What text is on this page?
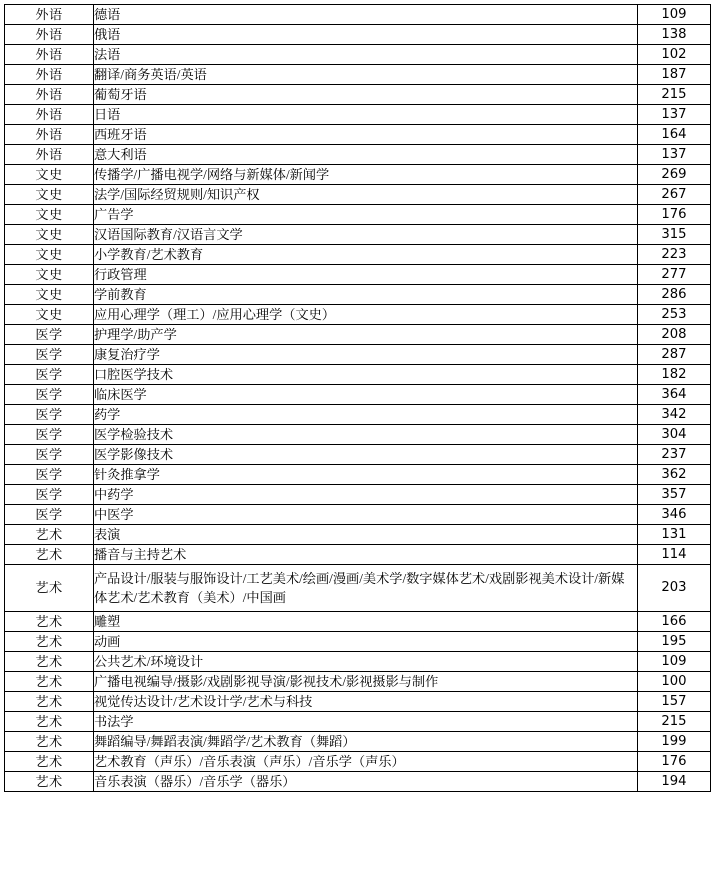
外语	德语	109
外语	俄语	138
外语	法语	102
外语	翻译/商务英语/英语	187
外语	葡萄牙语	215
外语	日语	137
外语	西班牙语	164
外语	意大利语	137
文史	传播学/广播电视学/网络与新媒体/新闻学	269
文史	法学/国际经贸规则/知识产权	267
文史	广告学	176
文史	汉语国际教育/汉语言文学	315
文史	小学教育/艺术教育	223
文史	行政管理	277
文史	学前教育	286
文史	应用心理学（理工）/应用心理学（文史）	253
医学	护理学/助产学	208
医学	康复治疗学	287
医学	口腔医学技术	182
医学	临床医学	364
医学	药学	342
医学	医学检验技术	304
医学	医学影像技术	237
医学	针灸推拿学	362
医学	中药学	357
医学	中医学	346
艺术	表演	131
艺术	播音与主持艺术	114
艺术	产品设计/服装与服饰设计/工艺美术/绘画/漫画/美术学/数字媒体艺术/戏剧影视美术设计/新媒体艺术/艺术教育（美术）/中国画	203
艺术	雕塑	166
艺术	动画	195
艺术	公共艺术/环境设计	109
艺术	广播电视编导/摄影/戏剧影视导演/影视技术/影视摄影与制作	100
艺术	视觉传达设计/艺术设计学/艺术与科技	157
艺术	书法学	215
艺术	舞蹈编导/舞蹈表演/舞蹈学/艺术教育（舞蹈）	199
艺术	艺术教育（声乐）/音乐表演（声乐）/音乐学（声乐）	176
艺术	音乐表演（器乐）/音乐学（器乐）	194
